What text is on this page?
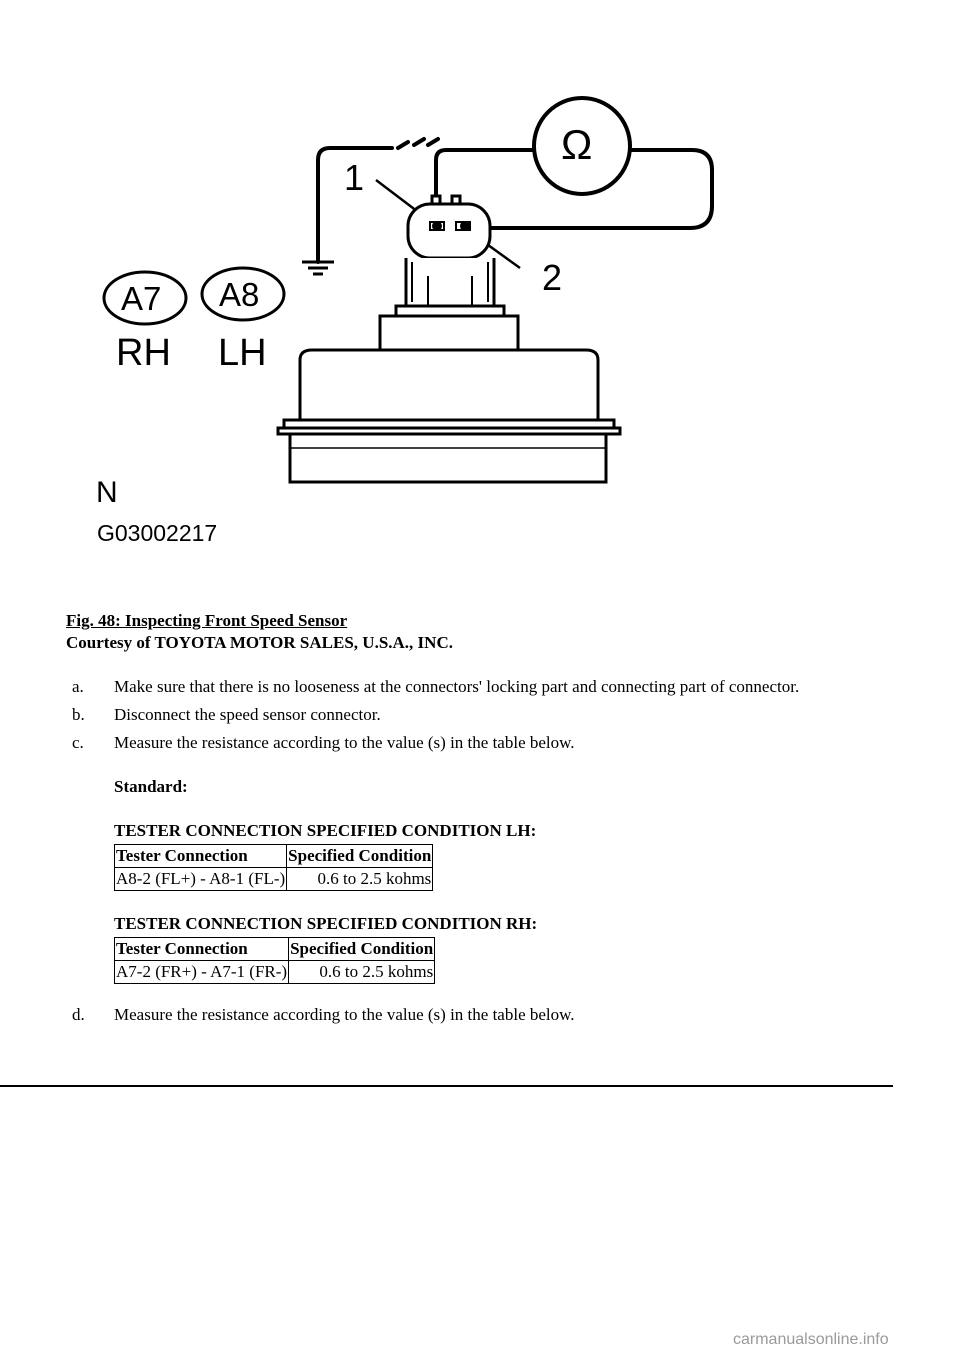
1
2
Ω
A7 A8
RH LH
N
G03002217
Fig. 48: Inspecting Front Speed Sensor
Courtesy of TOYOTA MOTOR SALES, U.S.A., INC.
a.	Make sure that there is no looseness at the connectors' locking part and connecting part of connector.
b.	Disconnect the speed sensor connector.
c.	Measure the resistance according to the value (s) in the table below.
Standard:
TESTER CONNECTION SPECIFIED CONDITION LH:
Tester Connection	Specified Condition
A8-2 (FL+) - A8-1 (FL-)	0.6 to 2.5 kohms
TESTER CONNECTION SPECIFIED CONDITION RH:
Tester Connection	Specified Condition
A7-2 (FR+) - A7-1 (FR-)	0.6 to 2.5 kohms
d.	Measure the resistance according to the value (s) in the table below.
carmanualsonline.info
